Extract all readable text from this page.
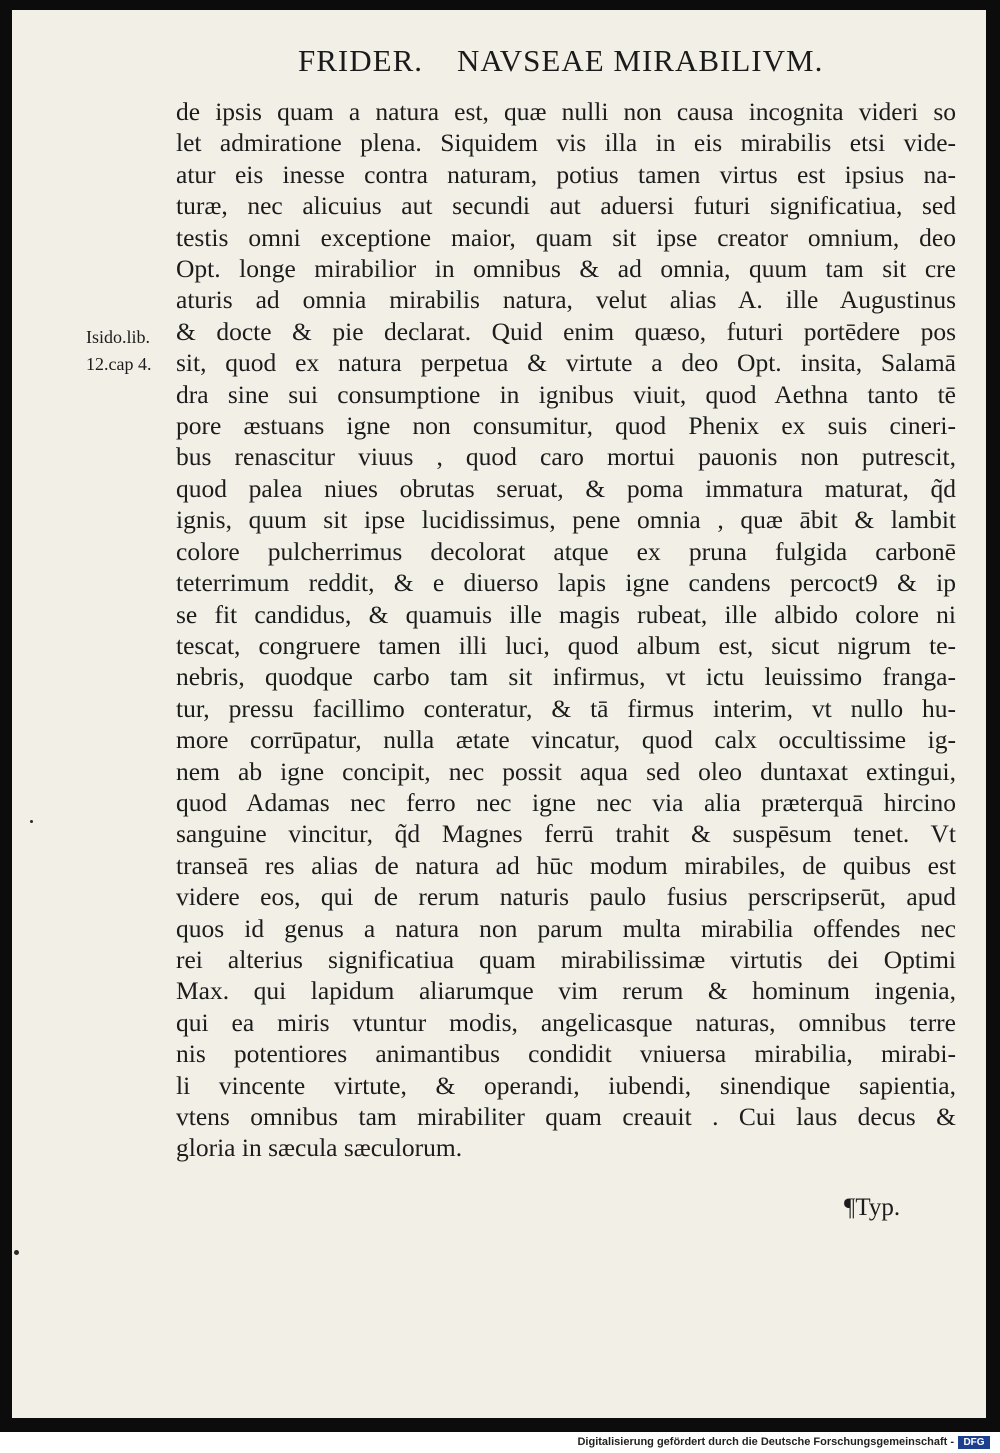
FRIDER. NAVSEAE MIRABILIVM.
Isido.lib.
12.cap 4.
de ipsis quam a natura est, quæ nulli non causa incognita videri so
let admiratione plena. Siquidem vis illa in eis mirabilis etsi vide-
atur eis inesse contra naturam, potius tamen virtus est ipsius na-
turæ, nec alicuius aut secundi aut aduersi futuri significatiua, sed
testis omni exceptione maior, quam sit ipse creator omnium, deo
Opt. longe mirabilior in omnibus & ad omnia, quum tam sit cre
aturis ad omnia mirabilis natura, velut alias A. ille Augustinus
& docte & pie declarat. Quid enim quæso, futuri portēdere pos
sit, quod ex natura perpetua & virtute a deo Opt. insita, Salamā
dra sine sui consumptione in ignibus viuit, quod Aethna tanto tē
pore æstuans igne non consumitur, quod Phenix ex suis cineri-
bus renascitur viuus , quod caro mortui pauonis non putrescit,
quod palea niues obrutas seruat, & poma immatura maturat, q̃d
ignis, quum sit ipse lucidissimus, pene omnia , quæ ābit & lambit
colore pulcherrimus decolorat atque ex pruna fulgida carbonē
teterrimum reddit, & e diuerso lapis igne candens percoct9 & ip
se fit candidus, & quamuis ille magis rubeat, ille albido colore ni
tescat, congruere tamen illi luci, quod album est, sicut nigrum te-
nebris, quodque carbo tam sit infirmus, vt ictu leuissimo franga-
tur, pressu facillimo conteratur, & tā firmus interim, vt nullo hu-
more corrūpatur, nulla ætate vincatur, quod calx occultissime ig-
nem ab igne concipit, nec possit aqua sed oleo duntaxat extingui,
quod Adamas nec ferro nec igne nec via alia præterquā hircino
sanguine vincitur, q̃d Magnes ferrū trahit & suspēsum tenet. Vt
transeā res alias de natura ad hūc modum mirabiles, de quibus est
videre eos, qui de rerum naturis paulo fusius perscripserūt, apud
quos id genus a natura non parum multa mirabilia offendes nec
rei alterius significatiua quam mirabilissimæ virtutis dei Optimi
Max. qui lapidum aliarumque vim rerum & hominum ingenia,
qui ea miris vtuntur modis, angelicasque naturas, omnibus terre
nis potentiores animantibus condidit vniuersa mirabilia, mirabi-
li vincente virtute, & operandi, iubendi, sinendique sapientia,
vtens omnibus tam mirabiliter quam creauit . Cui laus decus &
gloria in sæcula sæculorum.
¶Typ.
Digitalisierung gefördert durch die Deutsche Forschungsgemeinschaft - DFG
